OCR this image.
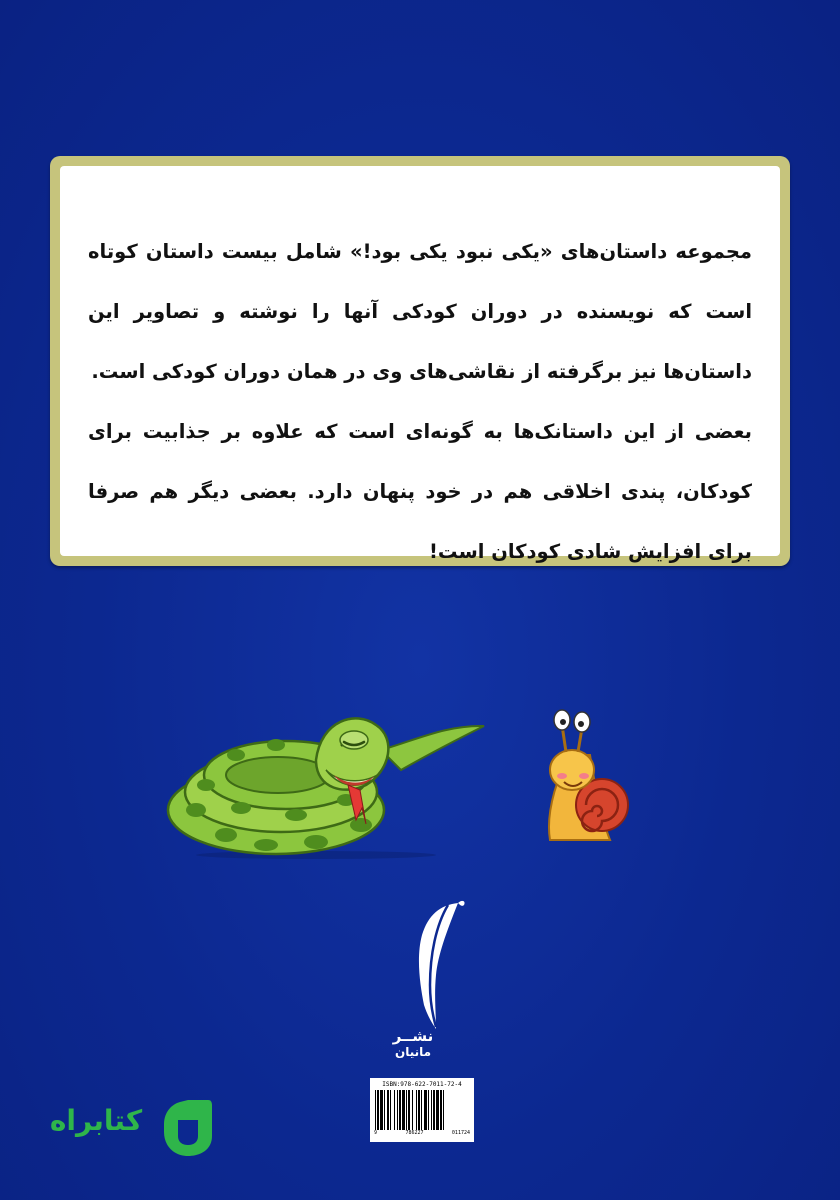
مجموعه داستان‌های «یکی نبود یکی بود!» شامل بیست داستان کوتاه است که نویسنده در دوران کودکی آنها را نوشته و تصاویر این داستان‌ها نیز برگرفته از نقاشی‌های وی در همان دوران کودکی است.

بعضی از این داستانک‌ها به گونه‌ای است که علاوه بر جذابیت برای کودکان، پندی اخلاقی هم در خود پنهان دارد. بعضی دیگر هم صرفا برای افزایش شادی کودکان است!

نشــر
مانیان
ISBN:978-622-7011-72-4
9	786227	011724
کتابراه
